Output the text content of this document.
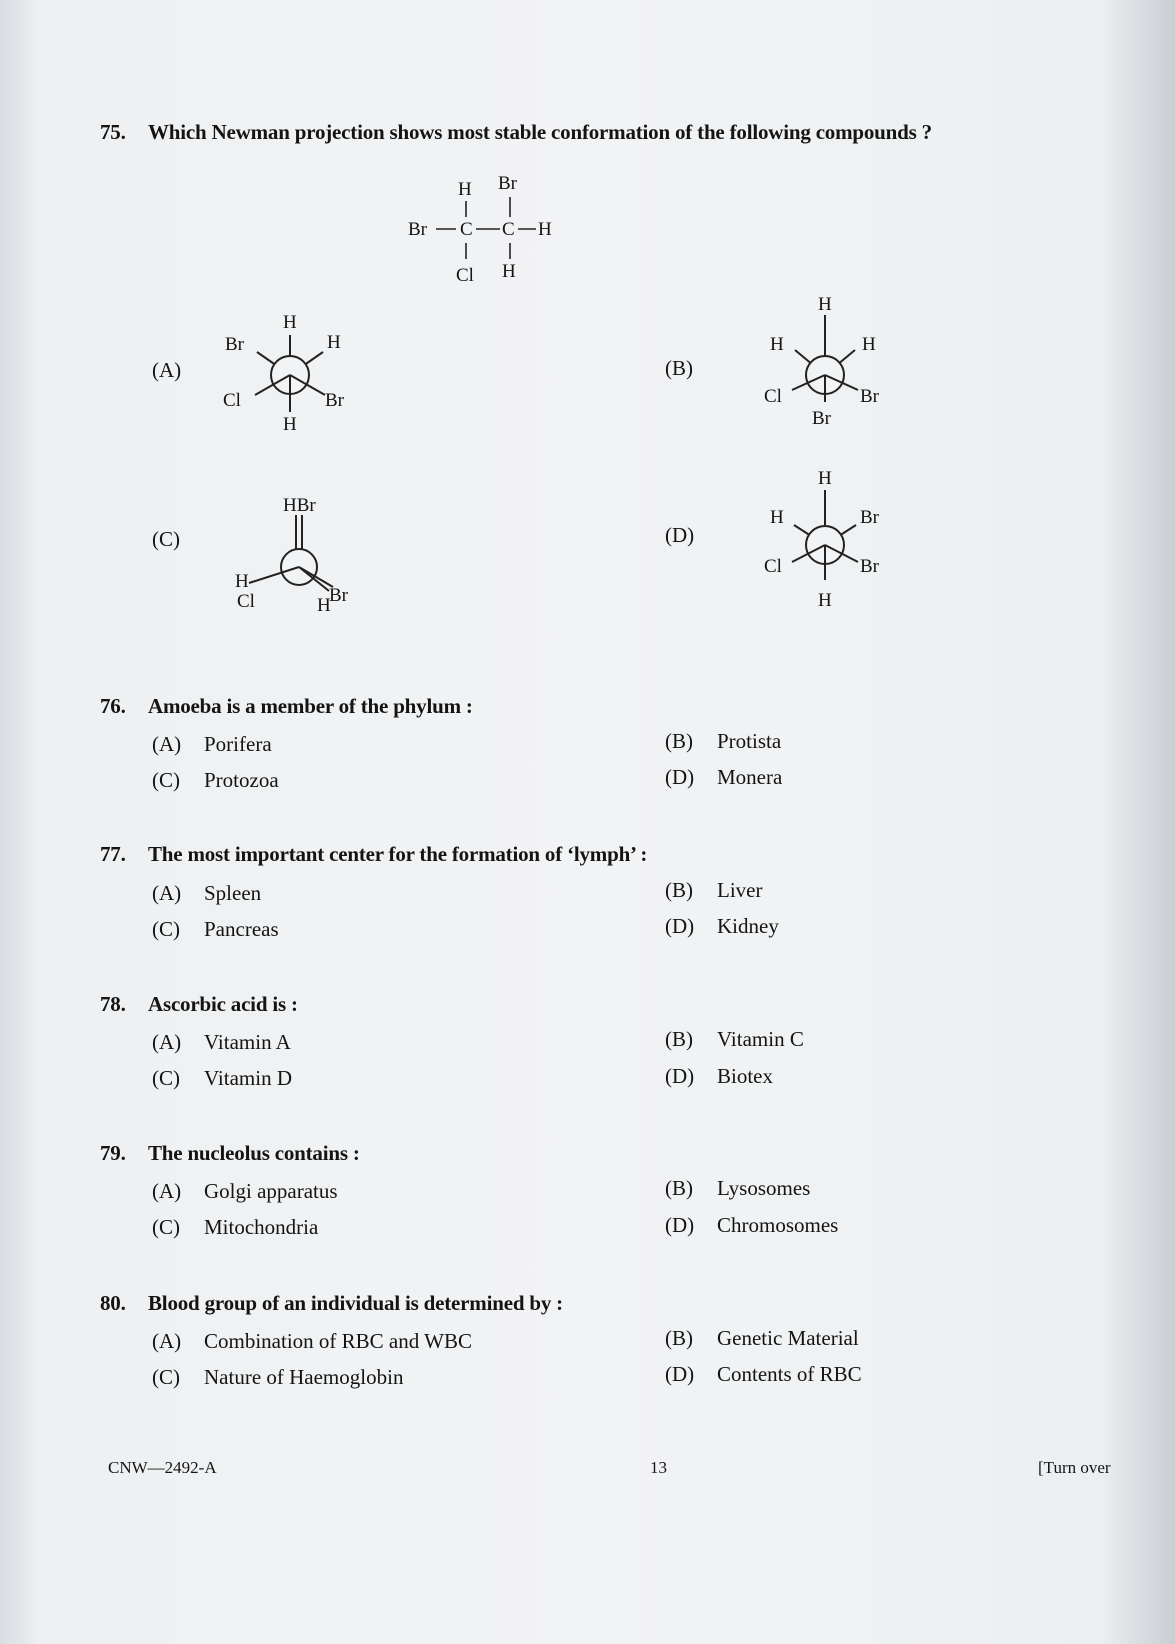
75. Which Newman projection shows most stable conformation of the following compounds ?
H Br
Br C C H
Cl H
(A)
H
Br	H
Cl	Br
H
(B)
H
H	H
Cl	Br
Br
(C)
HBr
H
Cl	Br
H
(D)
H
H	Br
Cl	Br
H
76. Amoeba is a member of the phylum :
(A) Porifera	(B) Protista
(C) Protozoa	(D) Monera
77. The most important center for the formation of ‘lymph’ :
(A) Spleen	(B) Liver
(C) Pancreas	(D) Kidney
78. Ascorbic acid is :
(A) Vitamin A	(B) Vitamin C
(C) Vitamin D	(D) Biotex
79. The nucleolus contains :
(A) Golgi apparatus	(B) Lysosomes
(C) Mitochondria	(D) Chromosomes
80. Blood group of an individual is determined by :
(A) Combination of RBC and WBC	(B) Genetic Material
(C) Nature of Haemoglobin	(D) Contents of RBC
CNW—2492-A	13	[Turn over
